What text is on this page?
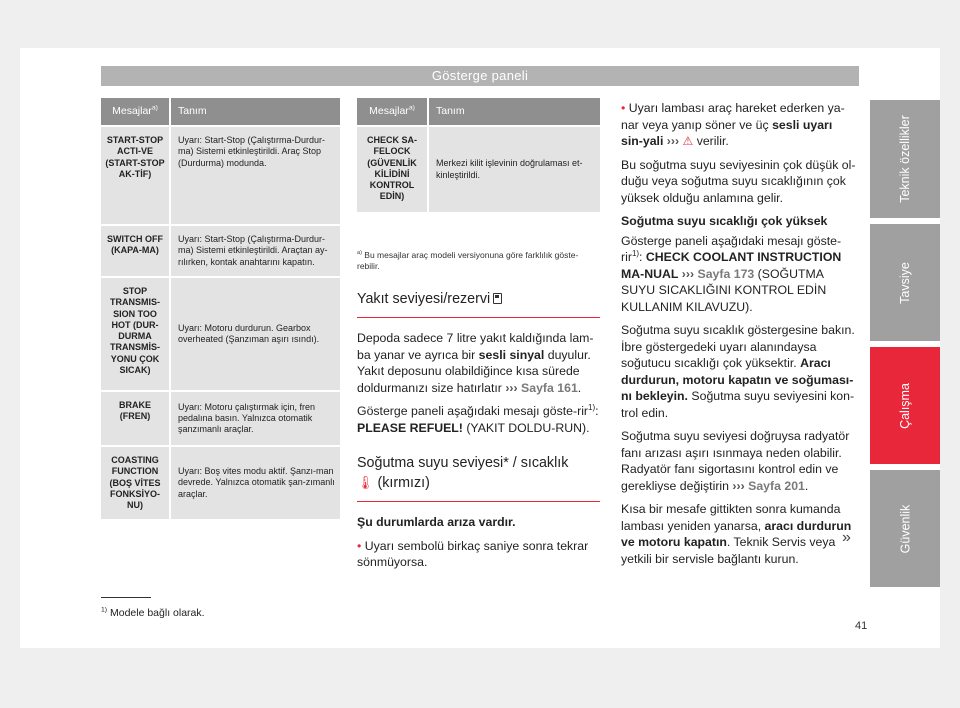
Gösterge paneli
Mesajlar$^{a)}$	Tanım
START-STOP ACTI-VE (START-STOP AK-TİF)
Uyarı: Start-Stop (Çalıştırma-Durdur-ma) Sistemi etkinleştirildi. Araç Stop (Durdurma) modunda.
SWITCH OFF (KAPA-MA)
Uyarı: Start-Stop (Çalıştırma-Durdur-ma) Sistemi etkinleştirildi. Araçtan ay-rılırken, kontak anahtarını kapatın.
STOP TRANSMIS-SION TOO HOT (DUR-DURMA TRANSMİS-YONU ÇOK SICAK)
Uyarı: Motoru durdurun. Gearbox overheated (Şanzıman aşırı ısındı).
BRAKE (FREN)
Uyarı: Motoru çalıştırmak için, fren pedalına basın. Yalnızca otomatik şanzımanlı araçlar.
COASTING FUNCTION (BOŞ VİTES FONKSİYO-NU)
Uyarı: Boş vites modu aktif. Şanzı-man devrede. Yalnızca otomatik şan-zımanlı araçlar.
Mesajlar$^{a)}$	Tanım
CHECK SA-FELOCK (GÜVENLİK KİLİDİNİ KONTROL EDİN)
Merkezi kilit işlevinin doğrulaması et-kinleştirildi.

$^{a)}$ Bu mesajlar araç modeli versiyonuna göre farklılık göste-rebilir.

Yakıt seviyesi/rezervi

Depoda sadece 7 litre yakıt kaldığında lam-ba yanar ve ayrıca bir sesli sinyal duyulur. Yakıt deposunu olabildiğince kısa sürede doldurmanızı size hatırlatır ››› Sayfa 161.

Gösterge paneli aşağıdaki mesajı göste-rir$^{1)}$: PLEASE REFUEL! (YAKIT DOLDU-RUN).

Soğutma suyu seviyesi* / sıcaklık
🌡 (kırmızı)

Şu durumlarda arıza vardır.

• Uyarı sembolü birkaç saniye sonra tekrar sönmüyorsa.

• Uyarı lambası araç hareket ederken ya-nar veya yanıp söner ve üç sesli uyarı sin-yali ››› ⚠ verilir.

Bu soğutma suyu seviyesinin çok düşük ol-duğu veya soğutma suyu sıcaklığının çok yüksek olduğu anlamına gelir.

Soğutma suyu sıcaklığı çok yüksek

Gösterge paneli aşağıdaki mesajı göste-rir$^{1)}$: CHECK COOLANT INSTRUCTION MA-NUAL ››› Sayfa 173 (SOĞUTMA SUYU SICAKLIĞINI KONTROL EDİN KULLANIM KILAVUZU).

Soğutma suyu sıcaklık göstergesine bakın. İbre göstergedeki uyarı alanındaysa soğutucu sıcaklığı çok yüksektir. Aracı durdurun, motoru kapatın ve soğuması-nı bekleyin. Soğutma suyu seviyesini kon-trol edin.

Soğutma suyu seviyesi doğruysa radyatör fanı arızası aşırı ısınmaya neden olabilir. Radyatör fanı sigortasını kontrol edin ve gerekliyse değiştirin ››› Sayfa 201.

Kısa bir mesafe gittikten sonra kumanda lambası yeniden yanarsa, aracı durdurun ve motoru kapatın. Teknik Servis veya yetkili bir servisle bağlantı kurun.

»
Teknik özellikler
Tavsiye
Çalışma
Güvenlik
$^{1)}$ Modele bağlı olarak.
41
